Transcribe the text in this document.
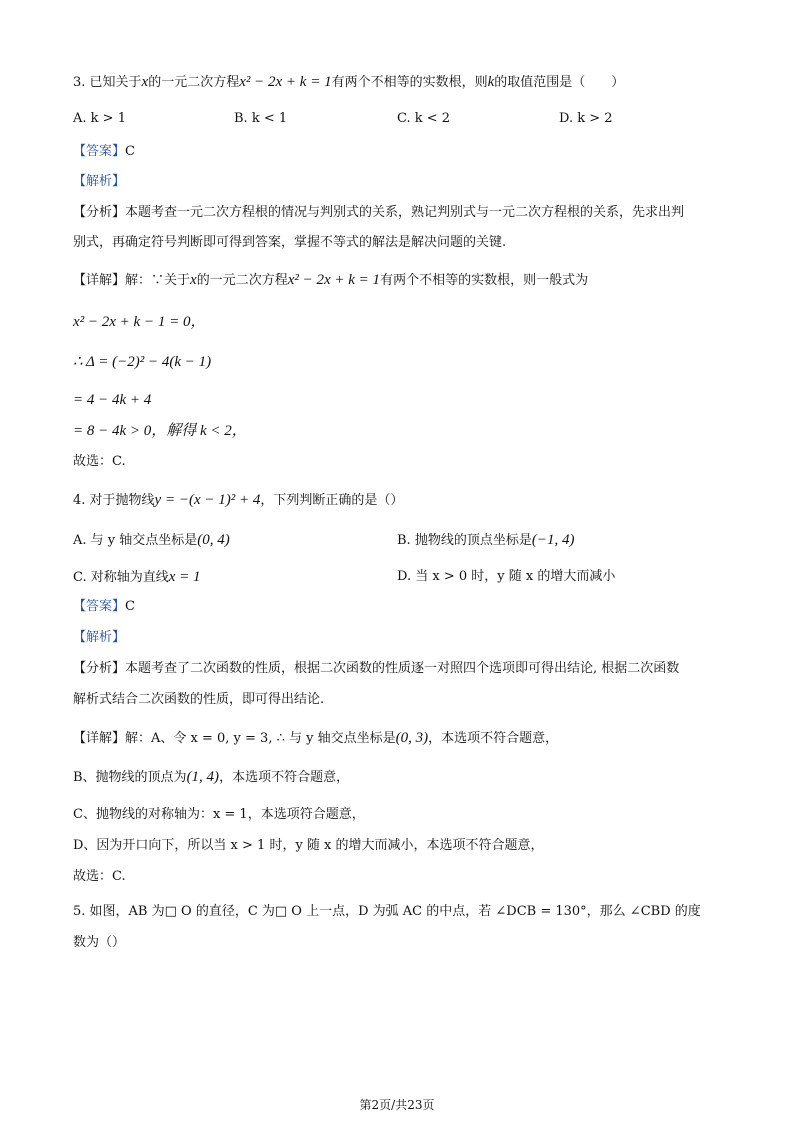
3. 已知关于x的一元二次方程x² − 2x + k = 1有两个不相等的实数根，则k的取值范围是（　　）
A. k > 1	B. k < 1	C. k < 2	D. k > 2
【答案】C
【解析】
【分析】本题考查一元二次方程根的情况与判别式的关系，熟记判别式与一元二次方程根的关系，先求出判
别式，再确定符号判断即可得到答案，掌握不等式的解法是解决问题的关键.
【详解】解：∵关于x的一元二次方程x² − 2x + k = 1有两个不相等的实数根，则一般式为
x² − 2x + k − 1 = 0，
∴ Δ = (−2)² − 4(k − 1)
= 4 − 4k + 4
= 8 − 4k > 0，解得 k < 2，
故选：C.
4. 对于抛物线y = −(x − 1)² + 4，下列判断正确的是（）
A. 与 y 轴交点坐标是(0, 4)	B. 抛物线的顶点坐标是(−1, 4)
C. 对称轴为直线x = 1	D. 当 x > 0 时，y 随 x 的增大而减小
【答案】C
【解析】
【分析】本题考查了二次函数的性质，根据二次函数的性质逐一对照四个选项即可得出结论, 根据二次函数
解析式结合二次函数的性质，即可得出结论.
【详解】解：A、令 x = 0, y = 3, ∴ 与 y 轴交点坐标是(0, 3)，本选项不符合题意，
B、抛物线的顶点为(1, 4)，本选项不符合题意，
C、抛物线的对称轴为：x = 1，本选项符合题意，
D、因为开口向下，所以当 x > 1 时，y 随 x 的增大而减小，本选项不符合题意，
故选：C.
5. 如图，AB 为□ O 的直径，C 为□ O 上一点，D 为弧 AC 的中点，若 ∠DCB = 130°，那么 ∠CBD 的度
数为（）
第2页/共23页
